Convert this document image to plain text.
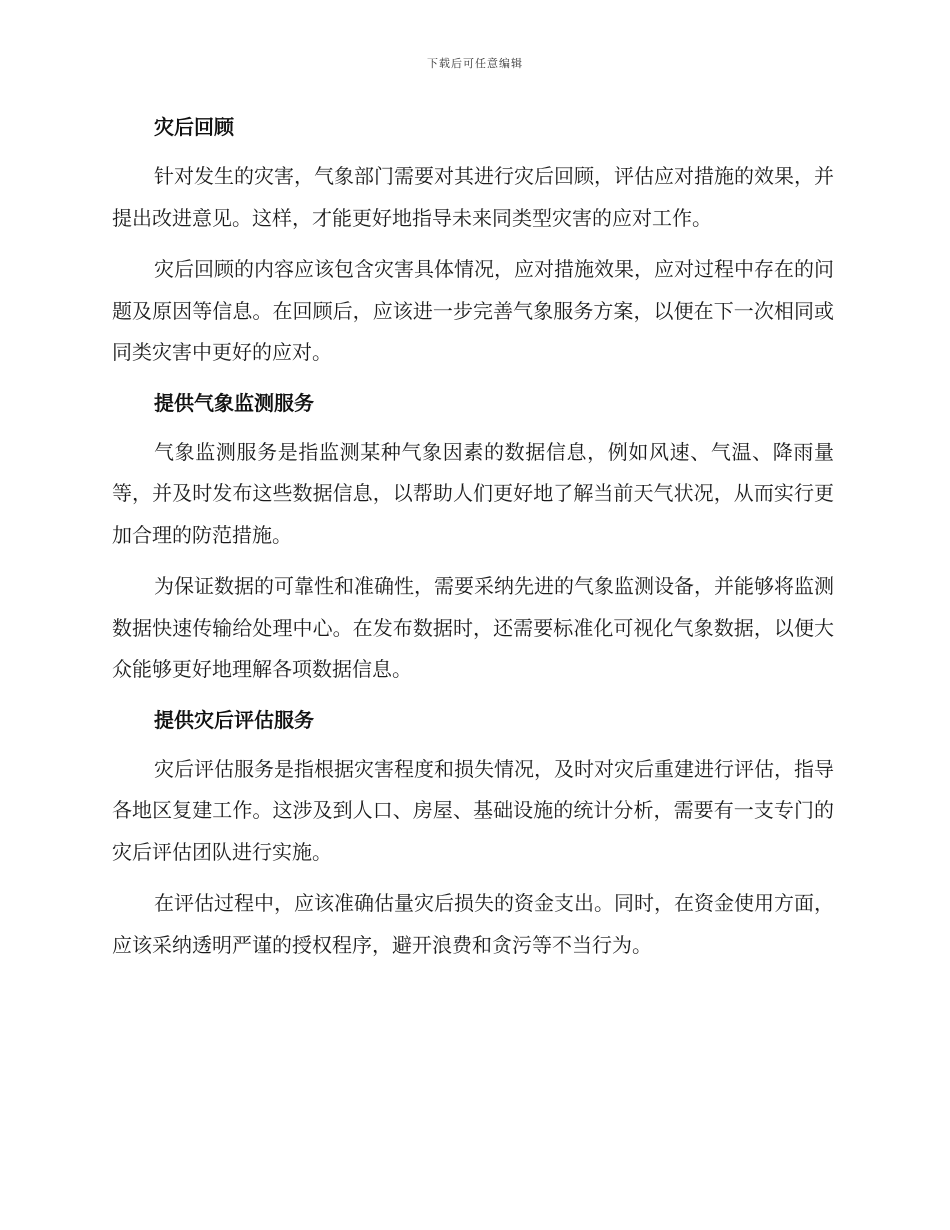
下载后可任意编辑
灾后回顾

针对发生的灾害，气象部门需要对其进行灾后回顾，评估应对措施的效果，并提出改进意见。这样，才能更好地指导未来同类型灾害的应对工作。

灾后回顾的内容应该包含灾害具体情况，应对措施效果，应对过程中存在的问题及原因等信息。在回顾后，应该进一步完善气象服务方案，以便在下一次相同或同类灾害中更好的应对。

提供气象监测服务

气象监测服务是指监测某种气象因素的数据信息，例如风速、气温、降雨量等，并及时发布这些数据信息，以帮助人们更好地了解当前天气状况，从而实行更加合理的防范措施。

为保证数据的可靠性和准确性，需要采纳先进的气象监测设备，并能够将监测数据快速传输给处理中心。在发布数据时，还需要标准化可视化气象数据，以便大众能够更好地理解各项数据信息。

提供灾后评估服务

灾后评估服务是指根据灾害程度和损失情况，及时对灾后重建进行评估，指导各地区复建工作。这涉及到人口、房屋、基础设施的统计分析，需要有一支专门的灾后评估团队进行实施。

在评估过程中，应该准确估量灾后损失的资金支出。同时，在资金使用方面，应该采纳透明严谨的授权程序，避开浪费和贪污等不当行为。
